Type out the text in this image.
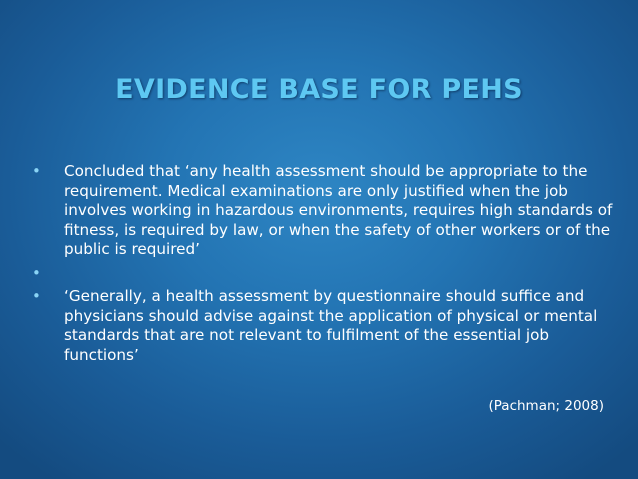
EVIDENCE BASE FOR PEHS
•	Concluded that ‘any health assessment should be appropriate to the requirement. Medical examinations are only justified when the job involves working in hazardous environments, requires high standards of fitness, is required by law, or when the safety of other workers or of the public is required’
•
•	‘Generally, a health assessment by questionnaire should suffice and physicians should advise against the application of physical or mental standards that are not relevant to fulfilment of the essential job functions’
(Pachman; 2008)
